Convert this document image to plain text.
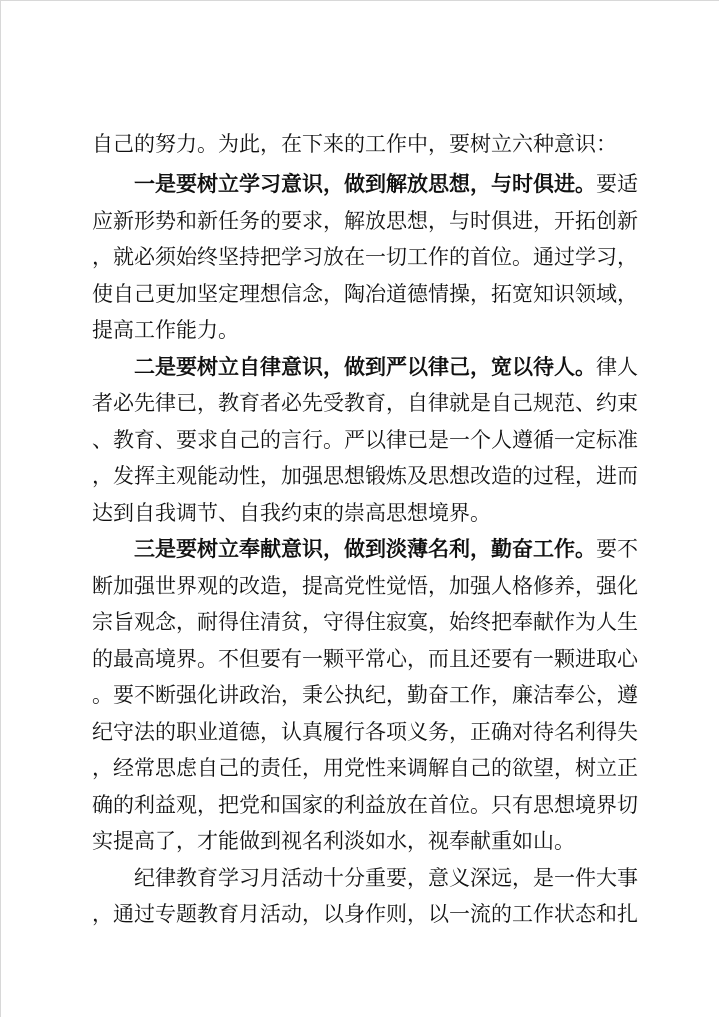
自己的努力。为此，在下来的工作中，要树立六种意识：
一是要树立学习意识，做到解放思想，与时俱进。要适
应新形势和新任务的要求，解放思想，与时俱进，开拓创新
，就必须始终坚持把学习放在一切工作的首位。通过学习，
使自己更加坚定理想信念，陶冶道德情操，拓宽知识领域，
提高工作能力。
二是要树立自律意识，做到严以律己，宽以待人。律人
者必先律已，教育者必先受教育，自律就是自己规范、约束
、教育、要求自己的言行。严以律已是一个人遵循一定标准
，发挥主观能动性，加强思想锻炼及思想改造的过程，进而
达到自我调节、自我约束的崇高思想境界。
三是要树立奉献意识，做到淡薄名利，勤奋工作。要不
断加强世界观的改造，提高党性觉悟，加强人格修养，强化
宗旨观念，耐得住清贫，守得住寂寞，始终把奉献作为人生
的最高境界。不但要有一颗平常心，而且还要有一颗进取心
。要不断强化讲政治，秉公执纪，勤奋工作，廉洁奉公，遵
纪守法的职业道德，认真履行各项义务，正确对待名利得失
，经常思虑自己的责任，用党性来调解自己的欲望，树立正
确的利益观，把党和国家的利益放在首位。只有思想境界切
实提高了，才能做到视名利淡如水，视奉献重如山。
纪律教育学习月活动十分重要，意义深远，是一件大事
，通过专题教育月活动，以身作则，以一流的工作状态和扎
